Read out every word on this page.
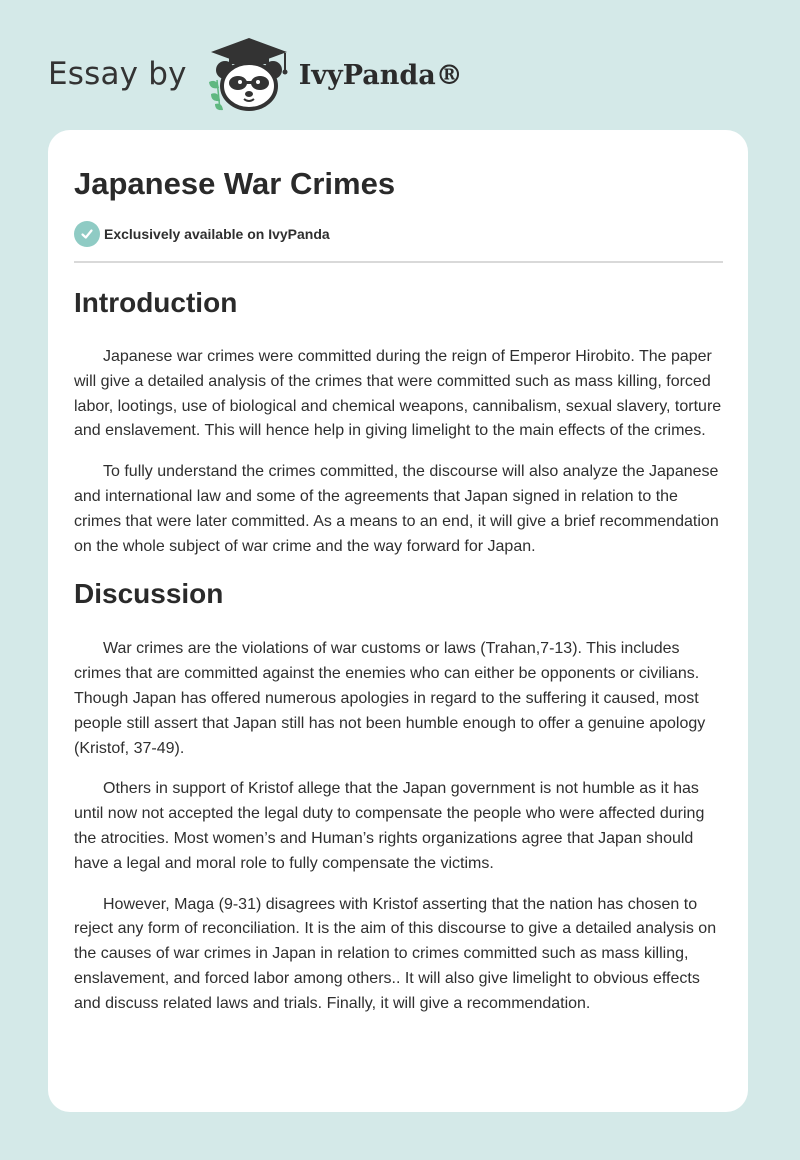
Essay by	IvyPanda®
Japanese War Crimes
Exclusively available on IvyPanda
Introduction

Japanese war crimes were committed during the reign of Emperor Hirobito. The paper will give a detailed analysis of the crimes that were committed such as mass killing, forced labor, lootings, use of biological and chemical weapons, cannibalism, sexual slavery, torture and enslavement. This will hence help in giving limelight to the main effects of the crimes.

To fully understand the crimes committed, the discourse will also analyze the Japanese and international law and some of the agreements that Japan signed in relation to the crimes that were later committed. As a means to an end, it will give a brief recommendation on the whole subject of war crime and the way forward for Japan.

Discussion

War crimes are the violations of war customs or laws (Trahan,7-13). This includes crimes that are committed against the enemies who can either be opponents or civilians. Though Japan has offered numerous apologies in regard to the suffering it caused, most people still assert that Japan still has not been humble enough to offer a genuine apology (Kristof, 37-49).

Others in support of Kristof allege that the Japan government is not humble as it has until now not accepted the legal duty to compensate the people who were affected during the atrocities. Most women’s and Human’s rights organizations agree that Japan should have a legal and moral role to fully compensate the victims.

However, Maga (9-31) disagrees with Kristof asserting that the nation has chosen to reject any form of reconciliation. It is the aim of this discourse to give a detailed analysis on the causes of war crimes in Japan in relation to crimes committed such as mass killing, enslavement, and forced labor among others.. It will also give limelight to obvious effects and discuss related laws and trials. Finally, it will give a recommendation.
